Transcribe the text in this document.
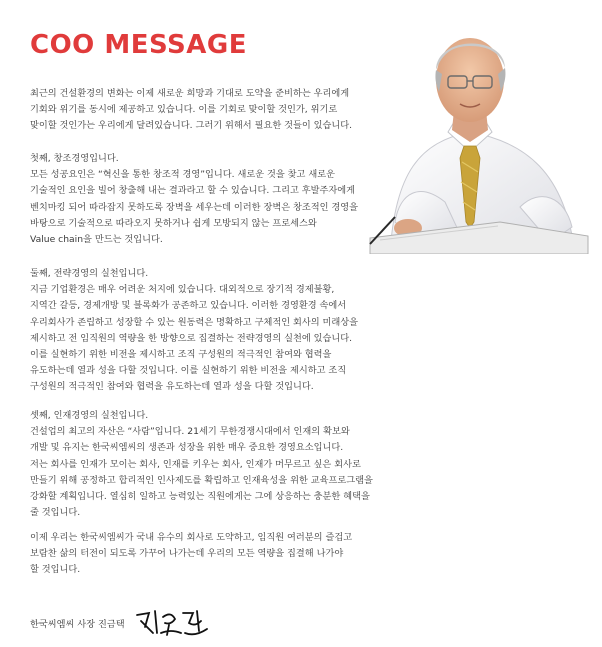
COO MESSAGE

최근의 건설환경의 변화는 이제 새로운 희망과 기대로 도약을 준비하는 우리에게
기회와 위기를 동시에 제공하고 있습니다. 이를 기회로 맞이할 것인가, 위기로
맞이할 것인가는 우리에게 달려있습니다. 그러기 위해서 필요한 것들이 있습니다.

첫째, 창조경영입니다.
모든 성공요인은 “혁신을 통한 창조적 경영”입니다. 새로운 것을 찾고 새로운
기술적인 요인을 빌어 창출해 내는 결과라고 할 수 있습니다. 그리고 후발주자에게
벤치마킹 되어 따라잡지 못하도록 장벽을 세우는데 이러한 장벽은 창조적인 경영을
바탕으로 기술적으로 따라오지 못하거나 쉽게 모방되지 않는 프로세스와
Value chain을 만드는 것입니다.

둘째, 전략경영의 실천입니다.
지금 기업환경은 매우 어려운 처지에 있습니다. 대외적으로 장기적 경제불황,
지역간 갈등, 경제개방 및 블록화가 공존하고 있습니다. 이러한 경영환경 속에서
우리회사가 존립하고 성장할 수 있는 원동력은 명확하고 구체적인 회사의 미래상을
제시하고 전 임직원의 역량을 한 방향으로 집결하는 전략경영의 실천에 있습니다.
이를 실현하기 위한 비전을 제시하고 조직 구성원의 적극적인 참여와 협력을
유도하는데 열과 성을 다할 것입니다. 이를 실현하기 위한 비전을 제시하고 조직
구성원의 적극적인 참여와 협력을 유도하는데 열과 성을 다할 것입니다.

셋째, 인재경영의 실천입니다.
건설업의 최고의 자산은 “사람”입니다. 21세기 무한경쟁시대에서 인재의 확보와
개발 및 유지는 한국씨엠씨의 생존과 성장을 위한 매우 중요한 경영요소입니다.
저는 회사를 인재가 모이는 회사, 인재를 키우는 회사, 인재가 머무르고 싶은 회사로
만들기 위해 공정하고 합리적인 인사제도를 확립하고 인재육성을 위한 교육프로그램을
강화할 계획입니다. 열심히 일하고 능력있는 직원에게는 그에 상응하는 충분한 혜택을
줄 것입니다.

이제 우리는 한국씨엠씨가 국내 유수의 회사로 도약하고, 임직원 여러분의 즐겁고
보람찬 삶의 터전이 되도록 가꾸어 나가는데 우리의 모든 역량을 집결해 나가야
할 것입니다.

한국씨엠씨 사장 진금택
